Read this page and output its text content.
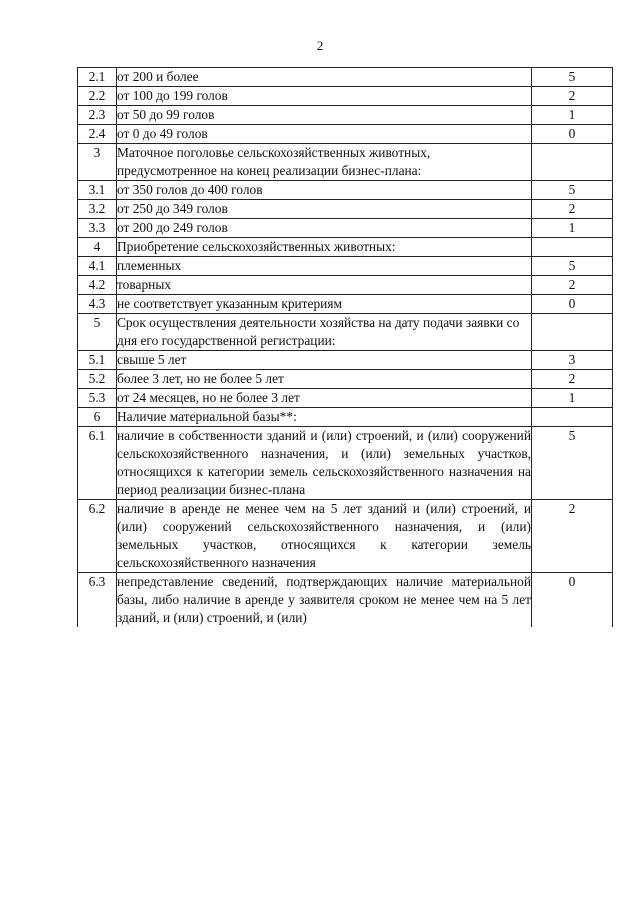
2
2.1	от 200 и более	5
2.2	от 100 до 199 голов	2
2.3	от 50 до 99 голов	1
2.4	от 0 до 49 голов	0
3	Маточное поголовье сельскохозяйственных животных, предусмотренное на конец реализации бизнес-плана:	
3.1	от 350 голов до 400 голов	5
3.2	от 250 до 349 голов	2
3.3	от 200 до 249 голов	1
4	Приобретение сельскохозяйственных животных:	
4.1	племенных	5
4.2	товарных	2
4.3	не соответствует указанным критериям	0
5	Срок осуществления деятельности хозяйства на дату подачи заявки со дня его государственной регистрации:	
5.1	свыше 5 лет	3
5.2	более 3 лет, но не более 5 лет	2
5.3	от 24 месяцев, но не более 3 лет	1
6	Наличие материальной базы**:	
6.1	наличие в собственности зданий и (или) строений, и (или) сооружений сельскохозяйственного назначения, и (или) земельных участков, относящихся к категории земель сельскохозяйственного назначения на период реализации бизнес-плана	5
6.2	наличие в аренде не менее чем на 5 лет зданий и (или) строений, и (или) сооружений сельскохозяйственного назначения, и (или) земельных участков, относящихся к категории земель сельскохозяйственного назначения	2
6.3	непредставление сведений, подтверждающих наличие материальной базы, либо наличие в аренде у заявителя сроком не менее чем на 5 лет зданий, и (или) строений, и (или)	0
